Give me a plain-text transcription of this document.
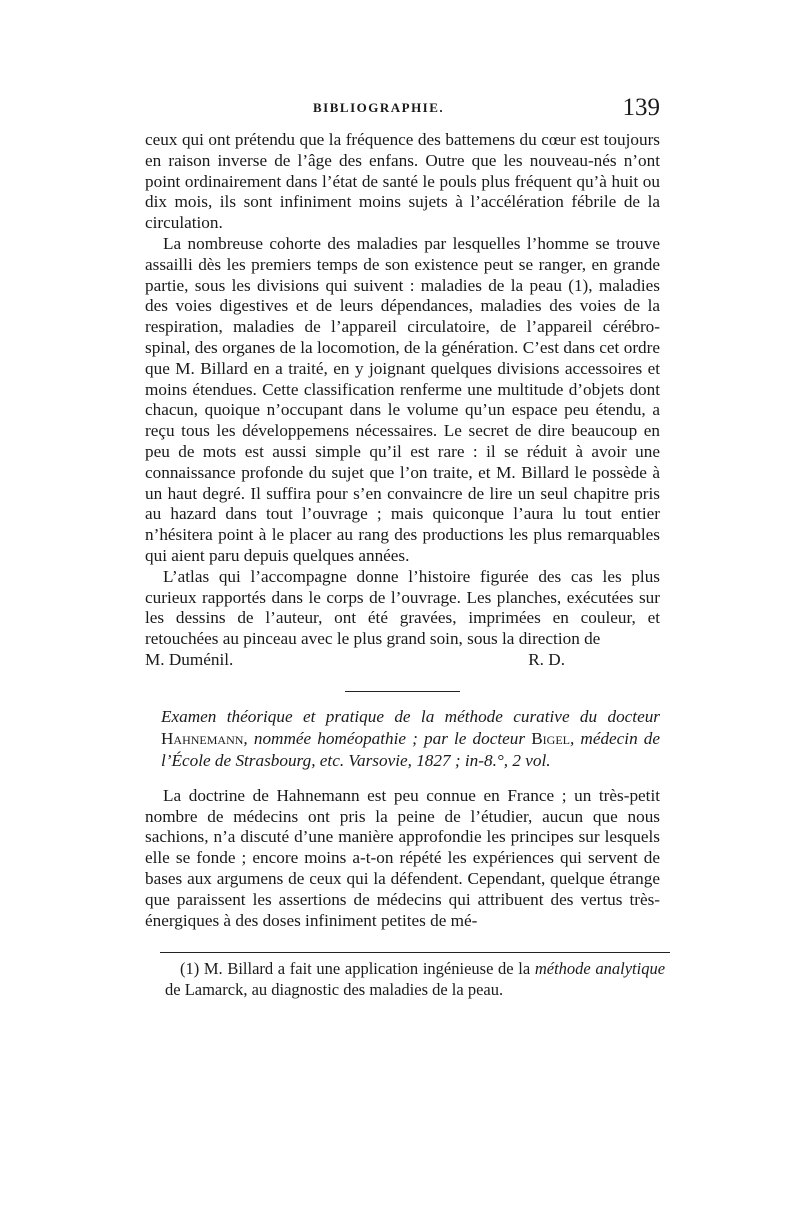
BIBLIOGRAPHIE.	139

ceux qui ont prétendu que la fréquence des battemens du cœur est toujours en raison inverse de l’âge des enfans. Outre que les nouveau-nés n’ont point ordinairement dans l’état de santé le pouls plus fréquent qu’à huit ou dix mois, ils sont infiniment moins sujets à l’accélération fébrile de la circulation.

La nombreuse cohorte des maladies par lesquelles l’homme se trouve assailli dès les premiers temps de son existence peut se ranger, en grande partie, sous les divisions qui suivent : maladies de la peau (1), maladies des voies digestives et de leurs dépendances, maladies des voies de la respiration, maladies de l’appareil circulatoire, de l’appareil cérébro-spinal, des organes de la locomotion, de la génération. C’est dans cet ordre que M. Billard en a traité, en y joignant quelques divisions accessoires et moins étendues. Cette classification renferme une multitude d’objets dont chacun, quoique n’occupant dans le volume qu’un espace peu étendu, a reçu tous les développemens nécessaires. Le secret de dire beaucoup en peu de mots est aussi simple qu’il est rare : il se réduit à avoir une connaissance profonde du sujet que l’on traite, et M. Billard le possède à un haut degré. Il suffira pour s’en convaincre de lire un seul chapitre pris au hazard dans tout l’ouvrage ; mais quiconque l’aura lu tout entier n’hésitera point à le placer au rang des productions les plus remarquables qui aient paru depuis quelques années.

L’atlas qui l’accompagne donne l’histoire figurée des cas les plus curieux rapportés dans le corps de l’ouvrage. Les planches, exécutées sur les dessins de l’auteur, ont été gravées, imprimées en couleur, et retouchées au pinceau avec le plus grand soin, sous la direction de

M. Duménil.	R. D.

Examen théorique et pratique de la méthode curative du docteur Hahnemann, nommée homéopathie ; par le docteur Bigel, médecin de l’École de Strasbourg, etc. Varsovie, 1827 ; in-8.°, 2 vol.

La doctrine de Hahnemann est peu connue en France ; un très-petit nombre de médecins ont pris la peine de l’étudier, aucun que nous sachions, n’a discuté d’une manière approfondie les principes sur lesquels elle se fonde ; encore moins a-t-on répété les expériences qui servent de bases aux argumens de ceux qui la défendent. Cependant, quelque étrange que paraissent les assertions de médecins qui attribuent des vertus très-énergiques à des doses infiniment petites de mé-

(1) M. Billard a fait une application ingénieuse de la méthode analytique de Lamarck, au diagnostic des maladies de la peau.
